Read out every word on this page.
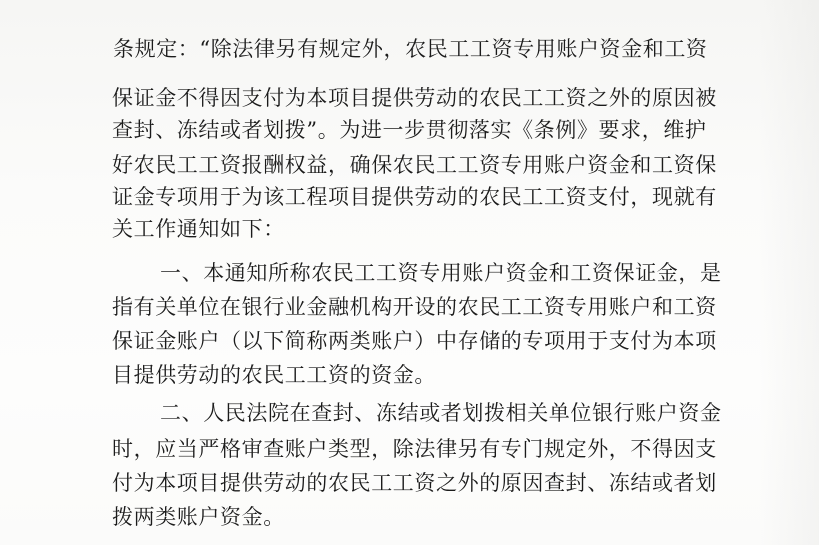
条规定：“除法律另有规定外，农民工工资专用账户资金和工资

保证金不得因支付为本项目提供劳动的农民工工资之外的原因被

查封、冻结或者划拨”。为进一步贯彻落实《条例》要求，维护

好农民工工资报酬权益，确保农民工工资专用账户资金和工资保

证金专项用于为该工程项目提供劳动的农民工工资支付，现就有

关工作通知如下：

一、本通知所称农民工工资专用账户资金和工资保证金，是

指有关单位在银行业金融机构开设的农民工工资专用账户和工资

保证金账户（以下简称两类账户）中存储的专项用于支付为本项

目提供劳动的农民工工资的资金。

二、人民法院在查封、冻结或者划拨相关单位银行账户资金

时，应当严格审查账户类型，除法律另有专门规定外，不得因支

付为本项目提供劳动的农民工工资之外的原因查封、冻结或者划

拨两类账户资金。
